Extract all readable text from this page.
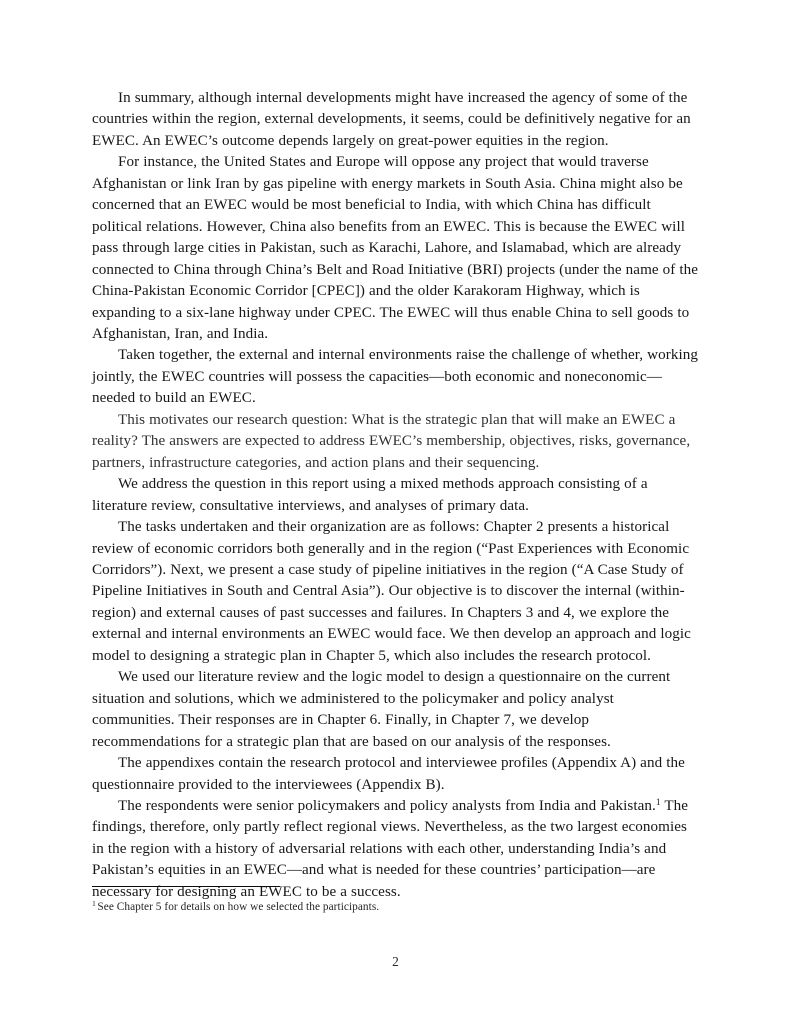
In summary, although internal developments might have increased the agency of some of the countries within the region, external developments, it seems, could be definitively negative for an EWEC. An EWEC’s outcome depends largely on great-power equities in the region.

For instance, the United States and Europe will oppose any project that would traverse Afghanistan or link Iran by gas pipeline with energy markets in South Asia. China might also be concerned that an EWEC would be most beneficial to India, with which China has difficult political relations. However, China also benefits from an EWEC. This is because the EWEC will pass through large cities in Pakistan, such as Karachi, Lahore, and Islamabad, which are already connected to China through China’s Belt and Road Initiative (BRI) projects (under the name of the China-Pakistan Economic Corridor [CPEC]) and the older Karakoram Highway, which is expanding to a six-lane highway under CPEC. The EWEC will thus enable China to sell goods to Afghanistan, Iran, and India.

Taken together, the external and internal environments raise the challenge of whether, working jointly, the EWEC countries will possess the capacities—both economic and noneconomic—needed to build an EWEC.

This motivates our research question: What is the strategic plan that will make an EWEC a reality? The answers are expected to address EWEC’s membership, objectives, risks, governance, partners, infrastructure categories, and action plans and their sequencing.

We address the question in this report using a mixed methods approach consisting of a literature review, consultative interviews, and analyses of primary data.

The tasks undertaken and their organization are as follows: Chapter 2 presents a historical review of economic corridors both generally and in the region (“Past Experiences with Economic Corridors”). Next, we present a case study of pipeline initiatives in the region (“A Case Study of Pipeline Initiatives in South and Central Asia”). Our objective is to discover the internal (within-region) and external causes of past successes and failures. In Chapters 3 and 4, we explore the external and internal environments an EWEC would face. We then develop an approach and logic model to designing a strategic plan in Chapter 5, which also includes the research protocol.

We used our literature review and the logic model to design a questionnaire on the current situation and solutions, which we administered to the policymaker and policy analyst communities. Their responses are in Chapter 6. Finally, in Chapter 7, we develop recommendations for a strategic plan that are based on our analysis of the responses.

The appendixes contain the research protocol and interviewee profiles (Appendix A) and the questionnaire provided to the interviewees (Appendix B).

The respondents were senior policymakers and policy analysts from India and Pakistan.$^1$ The findings, therefore, only partly reflect regional views. Nevertheless, as the two largest economies in the region with a history of adversarial relations with each other, understanding India’s and Pakistan’s equities in an EWEC—and what is needed for these countries’ participation—are necessary for designing an EWEC to be a success.

$^1$ See Chapter 5 for details on how we selected the participants.

2
